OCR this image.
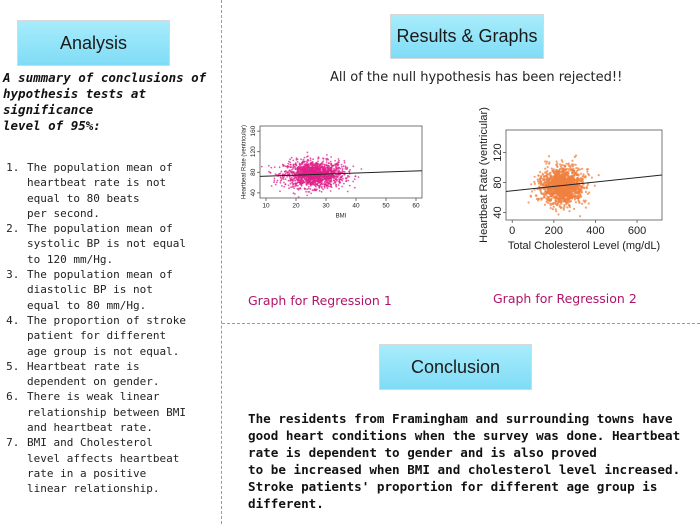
Analysis
A summary of conclusions of
hypothesis tests at
significance
level of 95%:
1. The population mean of
heartbeat rate is not
equal to 80 beats
per second.
2. The population mean of
systolic BP is not equal
to 120 mm/Hg.
3. The population mean of
diastolic BP is not
equal to 80 mm/Hg.
4. The proportion of stroke
patient for different
age group is not equal.
5. Heartbeat rate is
dependent on gender.
6. There is weak linear
relationship between BMI
and heartbeat rate.
7. BMI and Cholesterol
level affects heartbeat
rate in a positive
linear relationship.
Results & Graphs
All of the null hypothesis has been rejected!!
10	20	30	40	50	60
40
80
120
160
BMI
Heartbeat Rate (ventricular)
0	200 400 600
40
80
120
Total Cholesterol Level (mg/dL)
Heartbeat Rate (ventricular)
Graph for Regression 1	Graph for Regression 2
Conclusion
The residents from Framingham and surrounding towns have
good heart conditions when the survey was done. Heartbeat
rate is dependent to gender and is also proved
to be increased when BMI and cholesterol level increased.
Stroke patients' proportion for different age group is
different.
